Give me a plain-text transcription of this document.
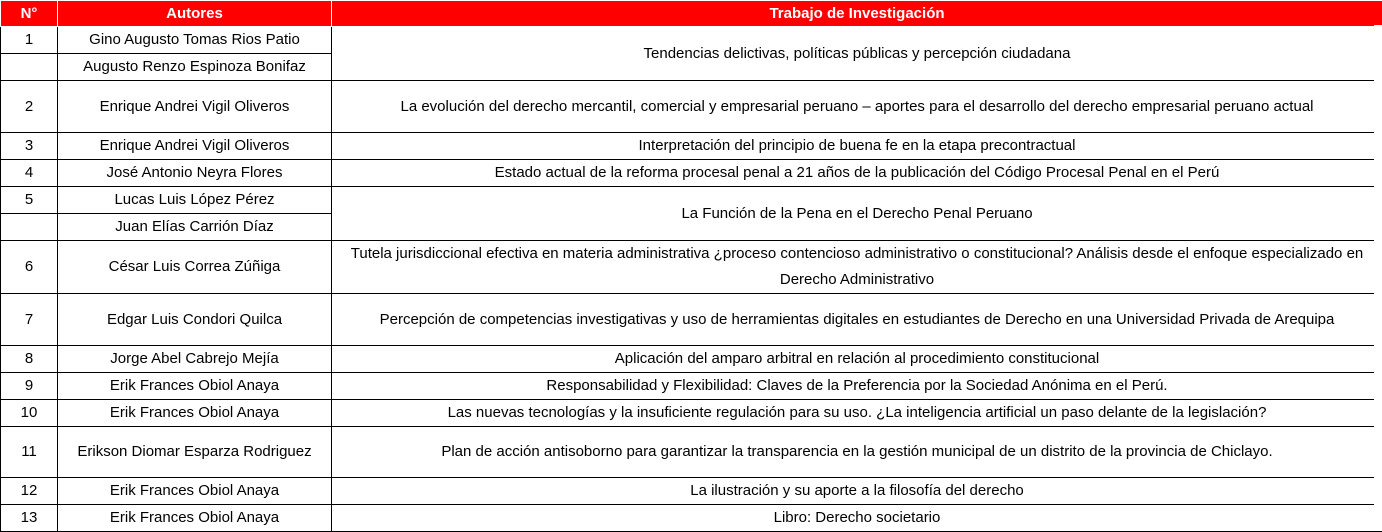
N°	Autores	Trabajo de Investigación
1	Gino Augusto Tomas Rios Patio	Tendencias delictivas, políticas públicas y percepción ciudadana
	Augusto Renzo Espinoza Bonifaz	
2	Enrique Andrei Vigil Oliveros	La evolución del derecho mercantil, comercial y empresarial peruano – aportes para el desarrollo del derecho empresarial peruano actual
3	Enrique Andrei Vigil Oliveros	Interpretación del principio de buena fe en la etapa precontractual
4	José Antonio Neyra Flores	Estado actual de la reforma procesal penal a 21 años de la publicación del Código Procesal Penal en el Perú
5	Lucas Luis López Pérez	La Función de la Pena en el Derecho Penal Peruano
	Juan Elías Carrión Díaz	
6	César Luis Correa Zúñiga	Tutela jurisdiccional efectiva en materia administrativa ¿proceso contencioso administrativo o constitucional? Análisis desde el enfoque especializado en Derecho Administrativo
7	Edgar Luis Condori Quilca	Percepción de competencias investigativas y uso de herramientas digitales en estudiantes de Derecho en una Universidad Privada de Arequipa
8	Jorge Abel Cabrejo Mejía	Aplicación del amparo arbitral en relación al procedimiento constitucional
9	Erik Frances Obiol Anaya	Responsabilidad y Flexibilidad: Claves de la Preferencia por la Sociedad Anónima en el Perú.
10	Erik Frances Obiol Anaya	Las nuevas tecnologías y la insuficiente regulación para su uso. ¿La inteligencia artificial un paso delante de la legislación?
11	Erikson Diomar Esparza Rodriguez	Plan de acción antisoborno para garantizar la transparencia en la gestión municipal de un distrito de la provincia de Chiclayo.
12	Erik Frances Obiol Anaya	La ilustración y su aporte a la filosofía del derecho
13	Erik Frances Obiol Anaya	Libro: Derecho societario
